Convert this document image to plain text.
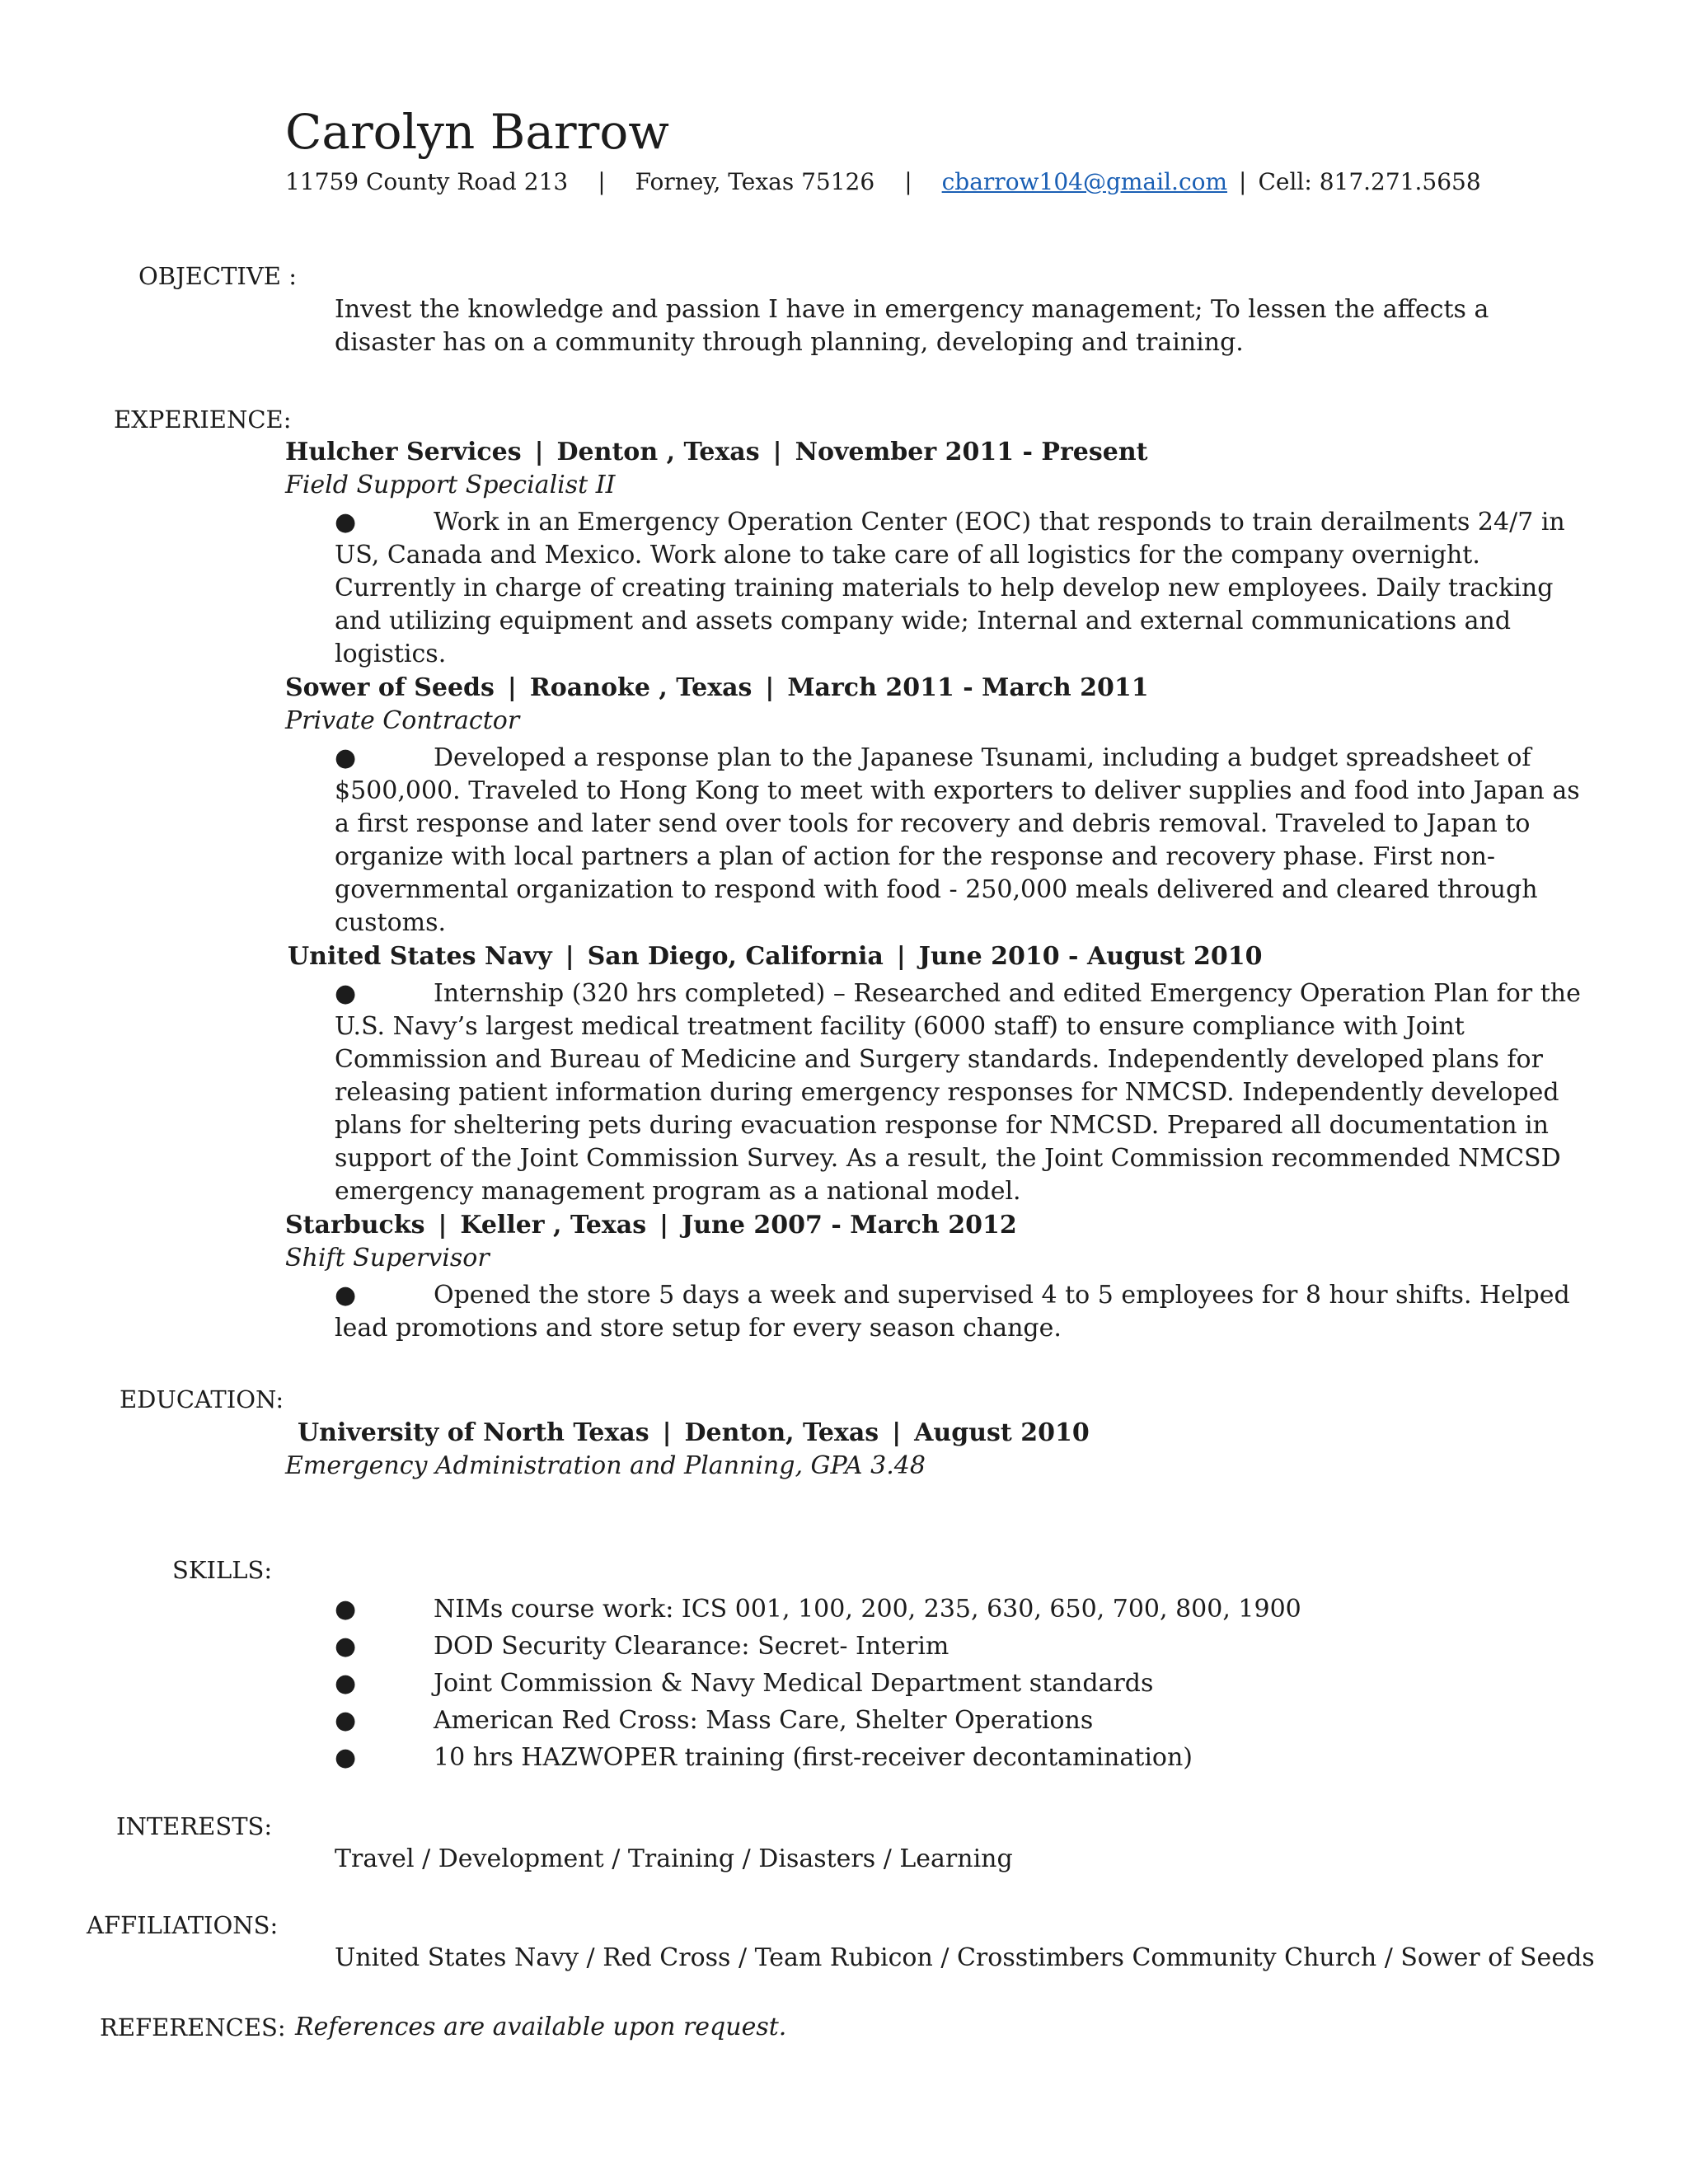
Carolyn Barrow
11759 County Road 213 | Forney, Texas 75126 | cbarrow104@gmail.com | Cell: 817.271.5658
OBJECTIVE :
Invest the knowledge and passion I have in emergency management; To lessen the affects a disaster has on a community through planning, developing and training.
EXPERIENCE:
Hulcher Services | Denton , Texas | November 2011 - Present
Field Support Specialist II
●	Work in an Emergency Operation Center (EOC) that responds to train derailments 24/7 in US, Canada and Mexico. Work alone to take care of all logistics for the company overnight. Currently in charge of creating training materials to help develop new employees. Daily tracking and utilizing equipment and assets company wide; Internal and external communications and logistics.
Sower of Seeds | Roanoke , Texas | March 2011 - March 2011
Private Contractor
●	Developed a response plan to the Japanese Tsunami, including a budget spreadsheet of $500,000. Traveled to Hong Kong to meet with exporters to deliver supplies and food into Japan as a first response and later send over tools for recovery and debris removal. Traveled to Japan to organize with local partners a plan of action for the response and recovery phase. First non-governmental organization to respond with food - 250,000 meals delivered and cleared through customs.
United States Navy | San Diego, California | June 2010 - August 2010
●	Internship (320 hrs completed) – Researched and edited Emergency Operation Plan for the U.S. Navy’s largest medical treatment facility (6000 staff) to ensure compliance with Joint Commission and Bureau of Medicine and Surgery standards. Independently developed plans for releasing patient information during emergency responses for NMCSD. Independently developed plans for sheltering pets during evacuation response for NMCSD. Prepared all documentation in support of the Joint Commission Survey. As a result, the Joint Commission recommended NMCSD emergency management program as a national model.
Starbucks | Keller , Texas | June 2007 - March 2012
Shift Supervisor
●	Opened the store 5 days a week and supervised 4 to 5 employees for 8 hour shifts. Helped lead promotions and store setup for every season change.
EDUCATION:
University of North Texas | Denton, Texas | August 2010
Emergency Administration and Planning, GPA 3.48
SKILLS:
●	NIMs course work: ICS 001, 100, 200, 235, 630, 650, 700, 800, 1900
●	DOD Security Clearance: Secret- Interim
●	Joint Commission & Navy Medical Department standards
●	American Red Cross: Mass Care, Shelter Operations
●	10 hrs HAZWOPER training (first-receiver decontamination)
INTERESTS:
Travel / Development / Training / Disasters / Learning
AFFILIATIONS:
United States Navy / Red Cross / Team Rubicon / Crosstimbers Community Church / Sower of Seeds
REFERENCES: References are available upon request.
